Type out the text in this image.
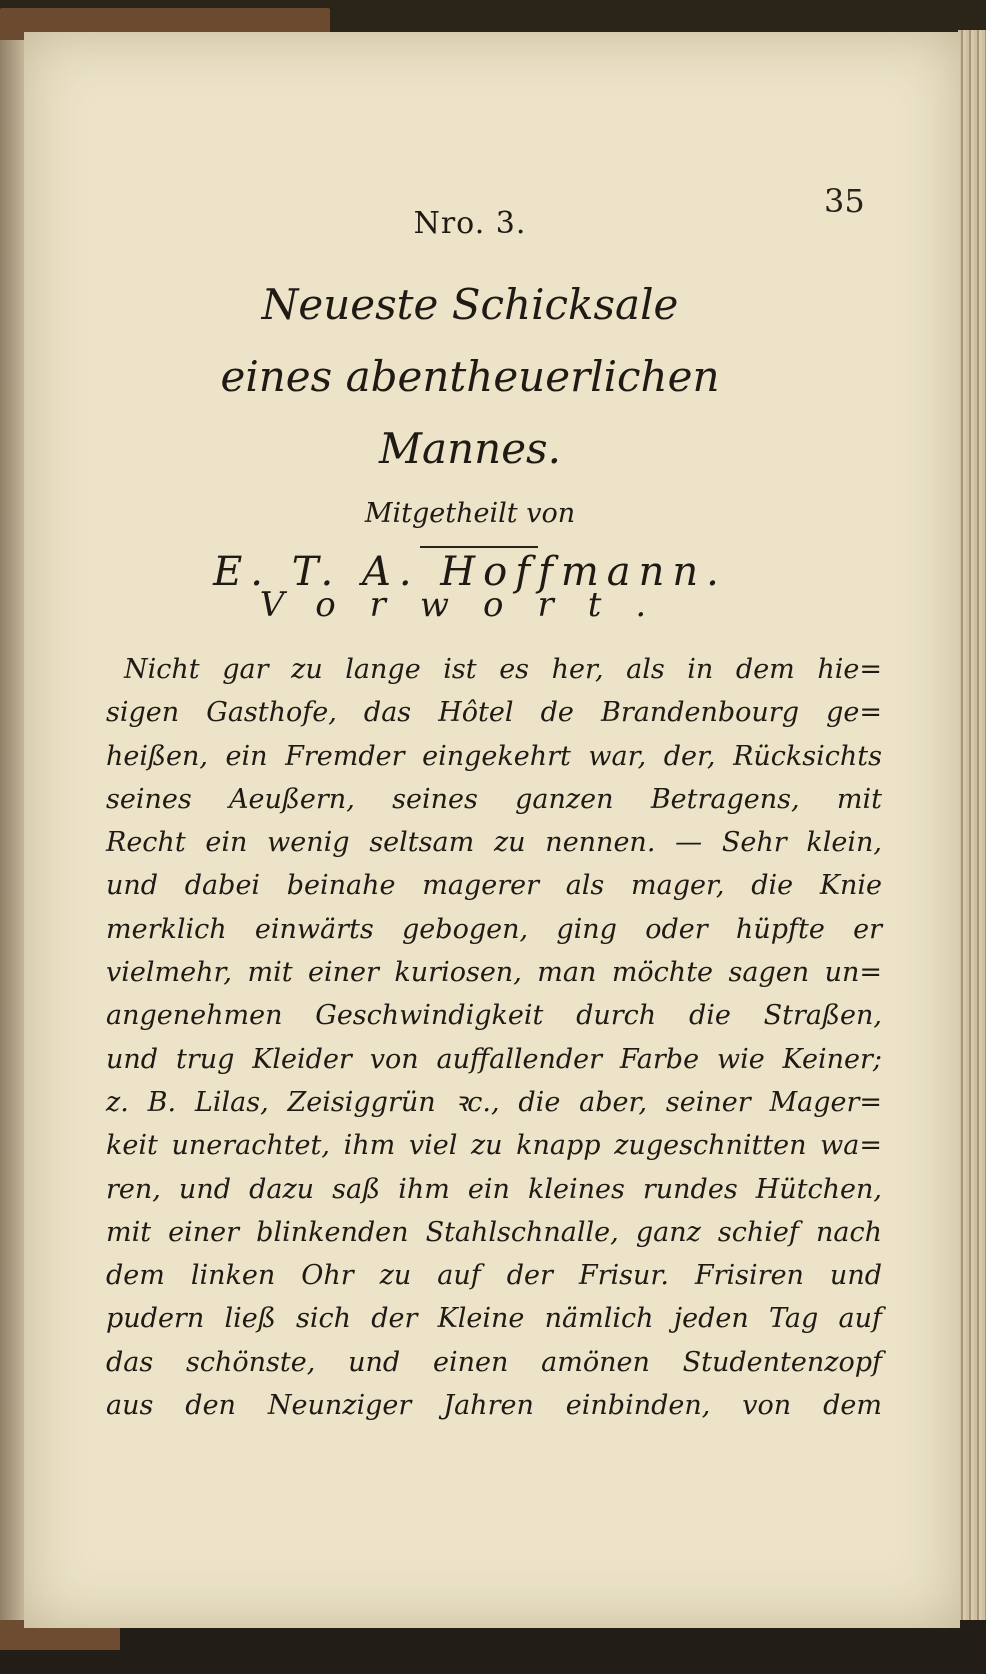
35
Nro. 3.
Neueste Schicksale
eines abentheuerlichen Mannes.
Mitgetheilt von
E. T. A. Hoffmann.
Vorwort.
Nicht gar zu lange ist es her, als in dem hie=
sigen Gasthofe, das Hôtel de Brandenbourg ge=
heißen, ein Fremder eingekehrt war, der, Rücksichts
seines Aeußern, seines ganzen Betragens, mit
Recht ein wenig seltsam zu nennen. — Sehr klein,
und dabei beinahe magerer als mager, die Knie
merklich einwärts gebogen, ging oder hüpfte er
vielmehr, mit einer kuriosen, man möchte sagen un=
angenehmen Geschwindigkeit durch die Straßen,
und trug Kleider von auffallender Farbe wie Keiner;
z. B. Lilas, Zeisiggrün ꝛc., die aber, seiner Mager=
keit unerachtet, ihm viel zu knapp zugeschnitten wa=
ren, und dazu saß ihm ein kleines rundes Hütchen,
mit einer blinkenden Stahlschnalle, ganz schief nach
dem linken Ohr zu auf der Frisur. Frisiren und
pudern ließ sich der Kleine nämlich jeden Tag auf
das schönste, und einen amönen Studentenzopf
aus den Neunziger Jahren einbinden, von dem
